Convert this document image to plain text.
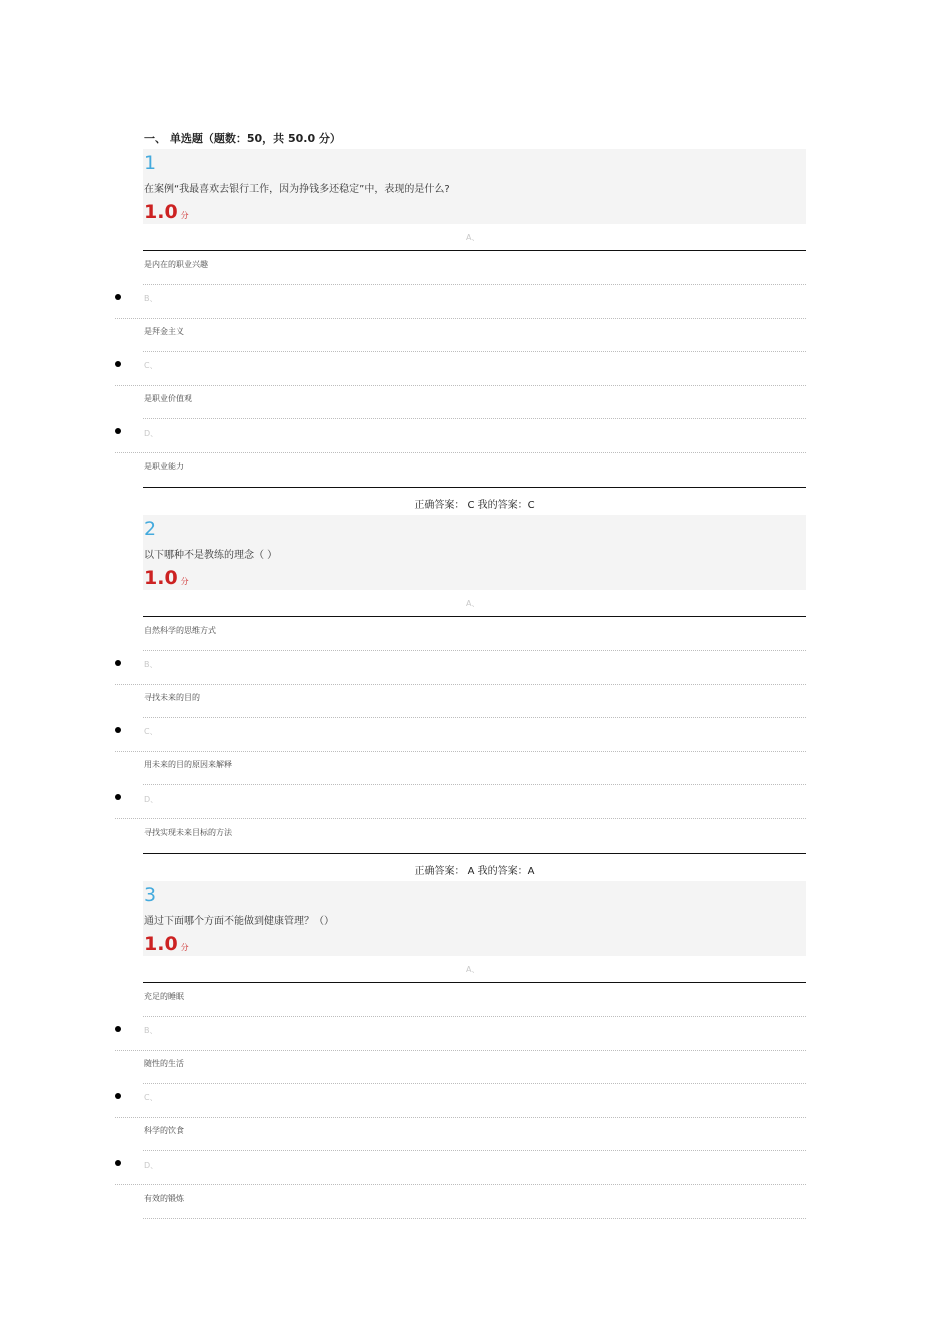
一、 单选题（题数：50，共 50.0 分）
1
在案例“我最喜欢去银行工作，因为挣钱多还稳定”中，表现的是什么?
1.0 分
A、
是内在的职业兴趣
B、
是拜金主义
C、
是职业价值观
D、
是职业能力
正确答案： C 我的答案：C
2
以下哪种不是教练的理念（ ）
1.0 分
A、
自然科学的思维方式
B、
寻找未来的目的
C、
用未来的目的原因来解释
D、
寻找实现未来目标的方法
正确答案： A 我的答案：A
3
通过下面哪个方面不能做到健康管理？（）
1.0 分
A、
充足的睡眠
B、
随性的生活
C、
科学的饮食
D、
有效的锻炼
